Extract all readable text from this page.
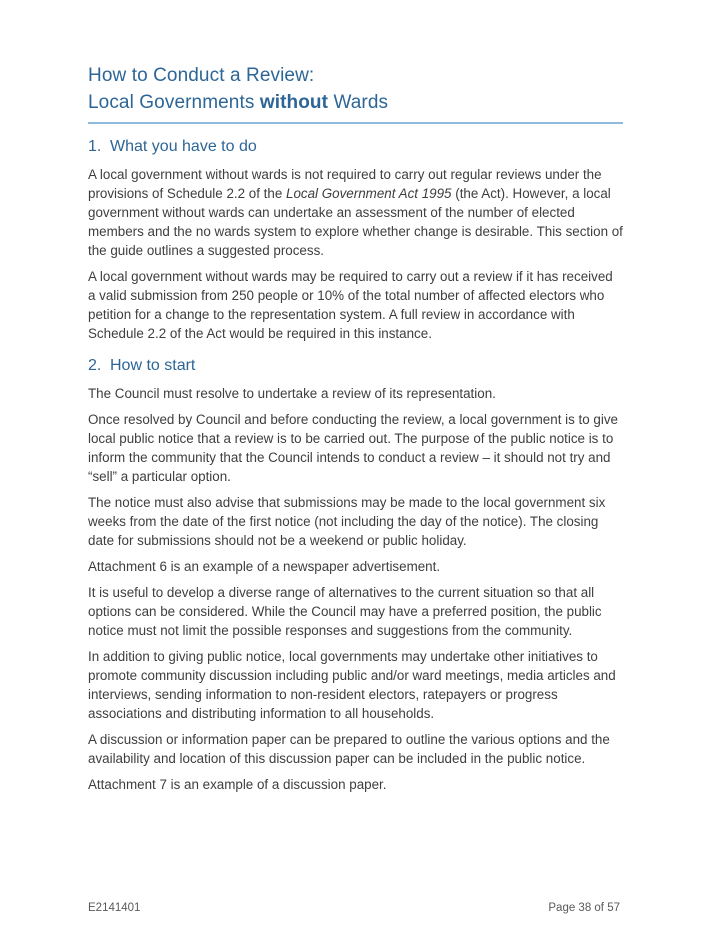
How to Conduct a Review:
Local Governments without Wards
1. What you have to do

A local government without wards is not required to carry out regular reviews under the provisions of Schedule 2.2 of the Local Government Act 1995 (the Act). However, a local government without wards can undertake an assessment of the number of elected members and the no wards system to explore whether change is desirable. This section of the guide outlines a suggested process.

A local government without wards may be required to carry out a review if it has received a valid submission from 250 people or 10% of the total number of affected electors who petition for a change to the representation system. A full review in accordance with Schedule 2.2 of the Act would be required in this instance.

2. How to start

The Council must resolve to undertake a review of its representation.

Once resolved by Council and before conducting the review, a local government is to give local public notice that a review is to be carried out. The purpose of the public notice is to inform the community that the Council intends to conduct a review – it should not try and “sell” a particular option.

The notice must also advise that submissions may be made to the local government six weeks from the date of the first notice (not including the day of the notice). The closing date for submissions should not be a weekend or public holiday.

Attachment 6 is an example of a newspaper advertisement.

It is useful to develop a diverse range of alternatives to the current situation so that all options can be considered. While the Council may have a preferred position, the public notice must not limit the possible responses and suggestions from the community.

In addition to giving public notice, local governments may undertake other initiatives to promote community discussion including public and/or ward meetings, media articles and interviews, sending information to non-resident electors, ratepayers or progress associations and distributing information to all households.

A discussion or information paper can be prepared to outline the various options and the availability and location of this discussion paper can be included in the public notice.

Attachment 7 is an example of a discussion paper.

E2141401	Page 38 of 57
